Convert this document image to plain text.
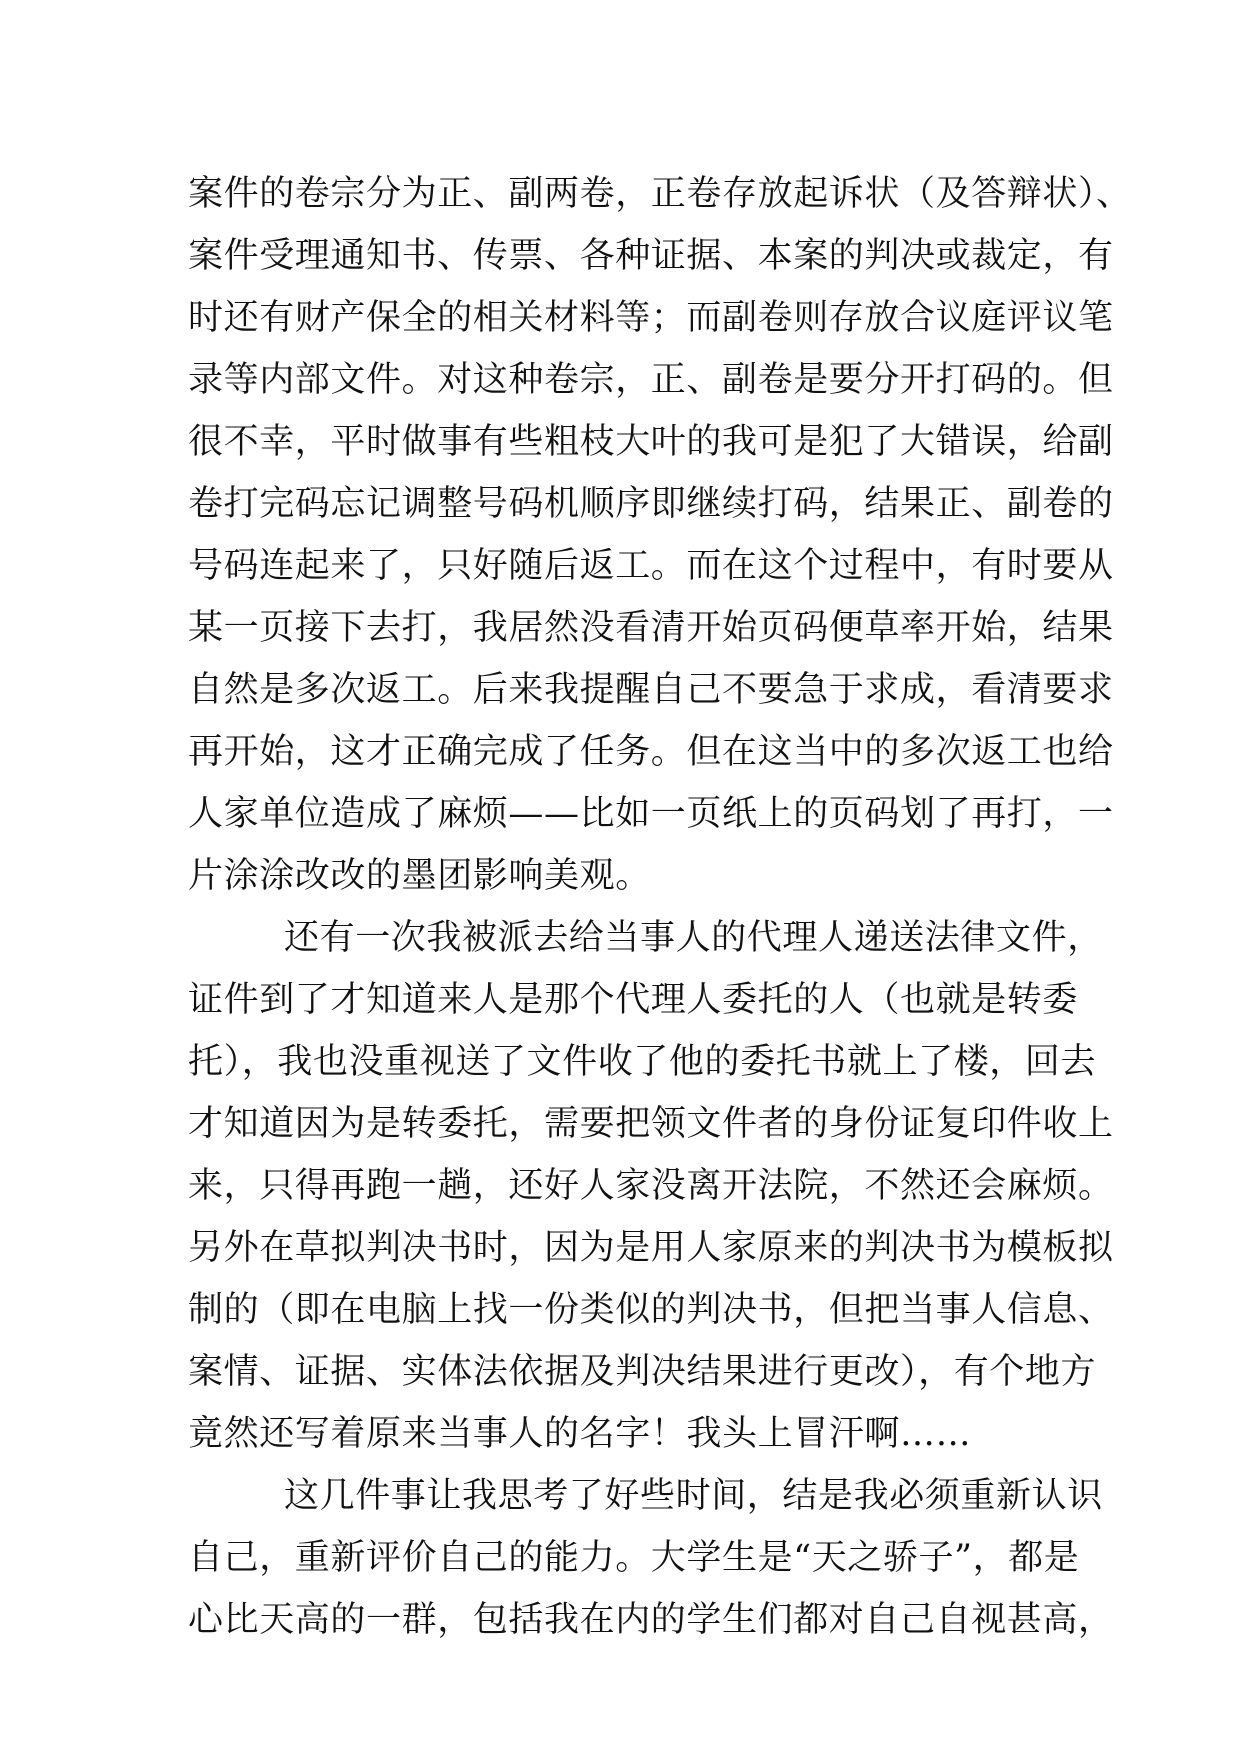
案件的卷宗分为正、副两卷，正卷存放起诉状（及答辩状）、
案件受理通知书、传票、各种证据、本案的判决或裁定，有
时还有财产保全的相关材料等；而副卷则存放合议庭评议笔
录等内部文件。对这种卷宗，正、副卷是要分开打码的。但
很不幸，平时做事有些粗枝大叶的我可是犯了大错误，给副
卷打完码忘记调整号码机顺序即继续打码，结果正、副卷的
号码连起来了，只好随后返工。而在这个过程中，有时要从
某一页接下去打，我居然没看清开始页码便草率开始，结果
自然是多次返工。后来我提醒自己不要急于求成，看清要求
再开始，这才正确完成了任务。但在这当中的多次返工也给
人家单位造成了麻烦——比如一页纸上的页码划了再打，一
片涂涂改改的墨团影响美观。
还有一次我被派去给当事人的代理人递送法律文件，
证件到了才知道来人是那个代理人委托的人（也就是转委
托），我也没重视送了文件收了他的委托书就上了楼，回去
才知道因为是转委托，需要把领文件者的身份证复印件收上
来，只得再跑一趟，还好人家没离开法院，不然还会麻烦。
另外在草拟判决书时，因为是用人家原来的判决书为模板拟
制的（即在电脑上找一份类似的判决书，但把当事人信息、
案情、证据、实体法依据及判决结果进行更改），有个地方
竟然还写着原来当事人的名字！我头上冒汗啊……
这几件事让我思考了好些时间，结是我必须重新认识
自己，重新评价自己的能力。大学生是“天之骄子”，都是
心比天高的一群，包括我在内的学生们都对自己自视甚高，
